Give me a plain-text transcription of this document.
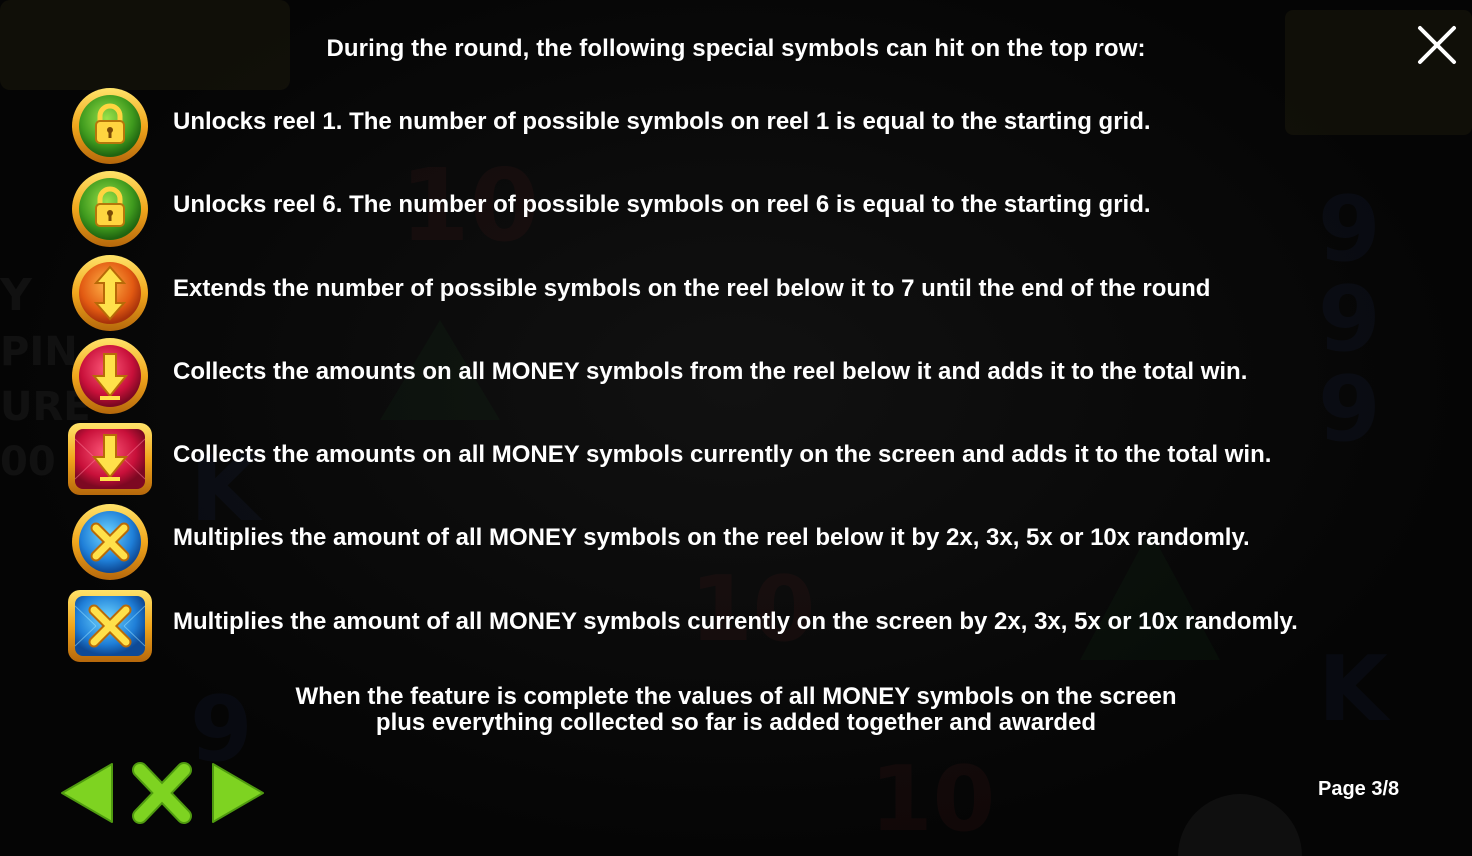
9
9
9
K
9
K
10
10
10
Y
PIN
URE
00
During the round, the following special symbols can hit on the top row:
Unlocks reel 1. The number of possible symbols on reel 1 is equal to the starting grid.
Unlocks reel 6. The number of possible symbols on reel 6 is equal to the starting grid.
Extends the number of possible symbols on the reel below it to 7 until the end of the round
Collects the amounts on all MONEY symbols from the reel below it and adds it to the total win.
Collects the amounts on all MONEY symbols currently on the screen and adds it to the total win.
Multiplies the amount of all MONEY symbols on the reel below it by 2x, 3x, 5x or 10x randomly.
Multiplies the amount of all MONEY symbols currently on the screen by 2x, 3x, 5x or 10x randomly.
When the feature is complete the values of all MONEY symbols on the screen
plus everything collected so far is added together and awarded
Page 3/8
